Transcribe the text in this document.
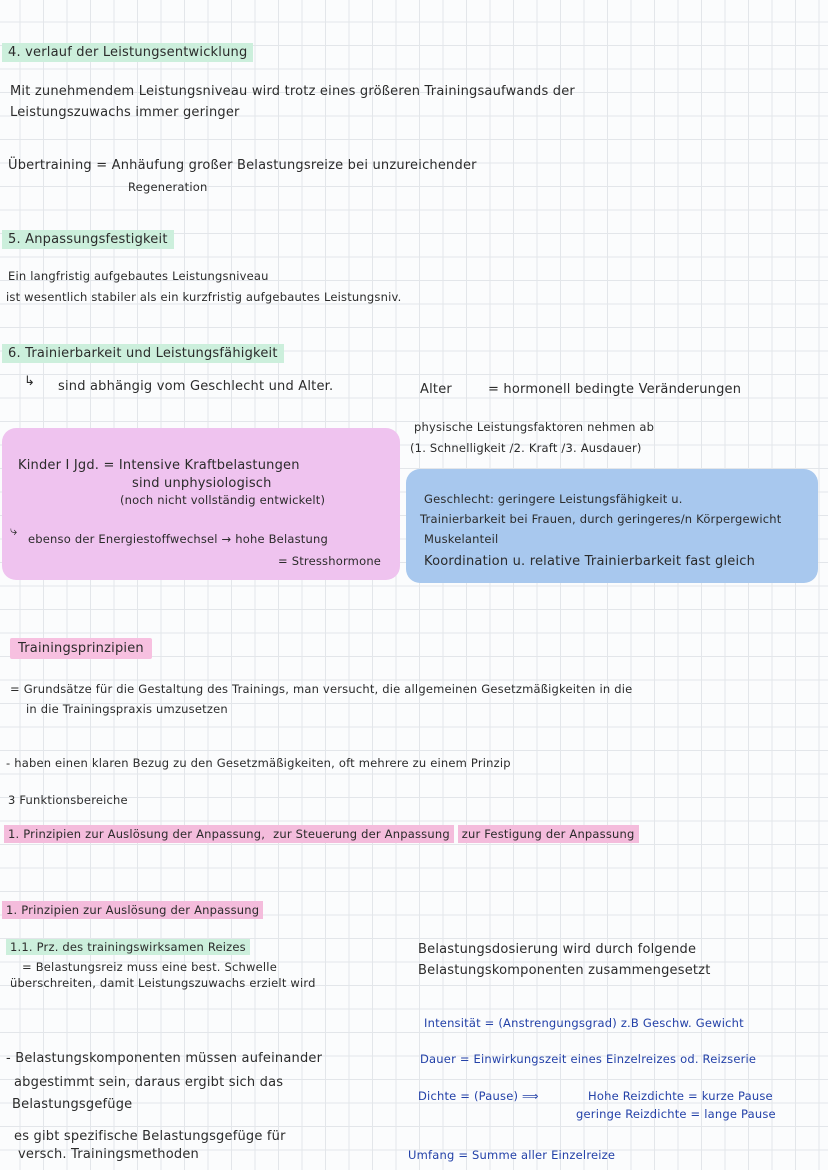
4. verlauf der Leistungsentwicklung
Mit zunehmendem Leistungsniveau wird trotz eines größeren Trainingsaufwands der
Leistungszuwachs immer geringer
Übertraining = Anhäufung großer Belastungsreize bei unzureichender
Regeneration
5. Anpassungsfestigkeit
Ein langfristig aufgebautes Leistungsniveau
ist wesentlich stabiler als ein kurzfristig aufgebautes Leistungsniv.
6. Trainierbarkeit und Leistungsfähigkeit
↳ sind abhängig vom Geschlecht und Alter.	Alter	= hormonell bedingte Veränderungen
physische Leistungsfaktoren nehmen ab
(1. Schnelligkeit /2. Kraft /3. Ausdauer)
Kinder I Jgd. = Intensive Kraftbelastungen
sind unphysiologisch
(noch nicht vollständig entwickelt)
⤷ ebenso der Energiestoffwechsel → hohe Belastung
= Stresshormone
Geschlecht: geringere Leistungsfähigkeit u.
Trainierbarkeit bei Frauen, durch geringeres/n Körpergewicht
Muskelanteil
Koordination u. relative Trainierbarkeit fast gleich
Trainingsprinzipien
= Grundsätze für die Gestaltung des Trainings, man versucht, die allgemeinen Gesetzmäßigkeiten in die
in die Trainingspraxis umzusetzen
- haben einen klaren Bezug zu den Gesetzmäßigkeiten, oft mehrere zu einem Prinzip
3 Funktionsbereiche
1. Prinzipien zur Auslösung der Anpassung, zur Steuerung der Anpassung zur Festigung der Anpassung
1. Prinzipien zur Auslösung der Anpassung
1.1. Prz. des trainingswirksamen Reizes
= Belastungsreiz muss eine best. Schwelle
überschreiten, damit Leistungszuwachs erzielt wird
- Belastungskomponenten müssen aufeinander
abgestimmt sein, daraus ergibt sich das
Belastungsgefüge
es gibt spezifische Belastungsgefüge für
versch. Trainingsmethoden
Belastungsdosierung wird durch folgende
Belastungskomponenten zusammengesetzt
Intensität = (Anstrengungsgrad) z.B Geschw. Gewicht
Dauer = Einwirkungszeit eines Einzelreizes od. Reizserie
Dichte = (Pause) ⟹	Hohe Reizdichte = kurze Pause
geringe Reizdichte = lange Pause
Umfang = Summe aller Einzelreize
